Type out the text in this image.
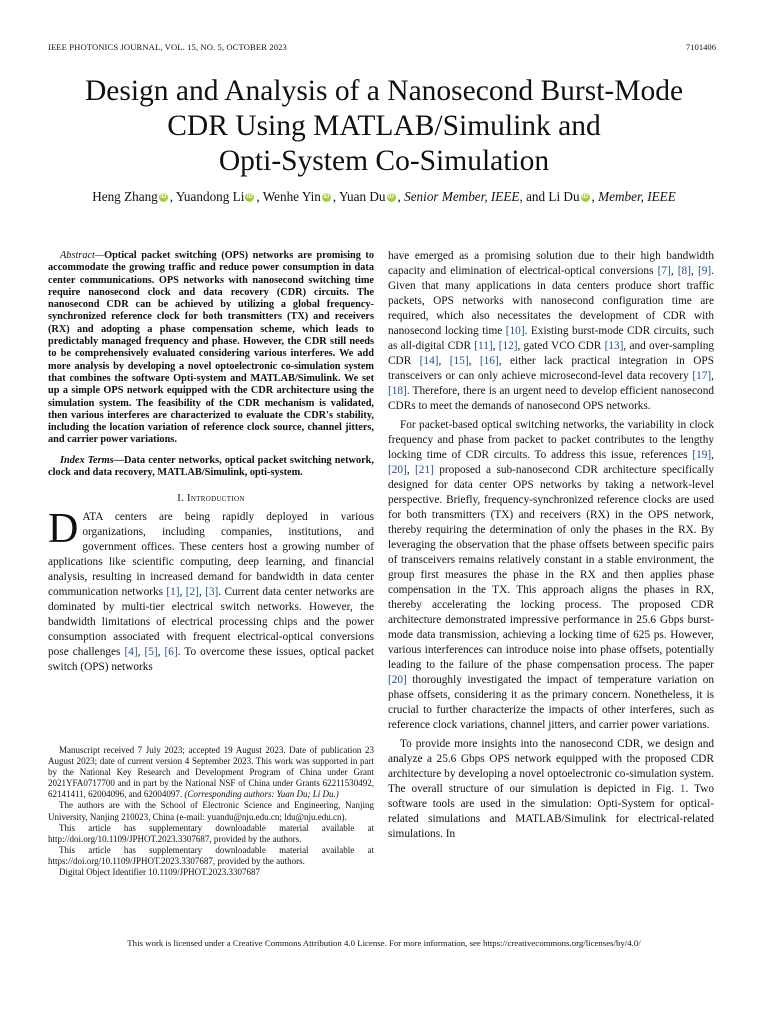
IEEE PHOTONICS JOURNAL, VOL. 15, NO. 5, OCTOBER 2023	7101406
Design and Analysis of a Nanosecond Burst-Mode
CDR Using MATLAB/Simulink and
Opti-System Co-Simulation
Heng Zhang iD , Yuandong Li iD , Wenhe Yin iD , Yuan Du iD , Senior Member, IEEE, and Li Du iD , Member, IEEE

Abstract—Optical packet switching (OPS) networks are promising to accommodate the growing traffic and reduce power consumption in data center communications. OPS networks with nanosecond switching time require nanosecond clock and data recovery (CDR) circuits. The nanosecond CDR can be achieved by utilizing a global frequency-synchronized reference clock for both transmitters (TX) and receivers (RX) and adopting a phase compensation scheme, which leads to predictably managed frequency and phase. However, the CDR still needs to be comprehensively evaluated considering various interferes. We add more analysis by developing a novel optoelectronic co-simulation system that combines the software Opti-system and MATLAB/Simulink. We set up a simple OPS network equipped with the CDR architecture using the simulation system. The feasibility of the CDR mechanism is validated, then various interferes are characterized to evaluate the CDR's stability, including the location variation of reference clock source, channel jitters, and carrier power variations.

Index Terms—Data center networks, optical packet switching network, clock and data recovery, MATLAB/Simulink, opti-system.

I. Introduction

DATA centers are being rapidly deployed in various organizations, including companies, institutions, and government offices. These centers host a growing number of applications like scientific computing, deep learning, and financial analysis, resulting in increased demand for bandwidth in data center communication networks [1], [2], [3]. Current data center networks are dominated by multi-tier electrical switch networks. However, the bandwidth limitations of electrical processing chips and the power consumption associated with frequent electrical-optical conversions pose challenges [4], [5], [6]. To overcome these issues, optical packet switch (OPS) networks

Manuscript received 7 July 2023; accepted 19 August 2023. Date of publication 23 August 2023; date of current version 4 September 2023. This work was supported in part by the National Key Research and Development Program of China under Grant 2021YFA0717700 and in part by the National NSF of China under Grants 62211530492, 62141411, 62004096, and 62004097. (Corresponding authors: Yuan Du; Li Du.)

The authors are with the School of Electronic Science and Engineering, Nanjing University, Nanjing 210023, China (e-mail: yuandu@nju.edu.cn; ldu@nju.edu.cn).

This article has supplementary downloadable material available at http://doi.org/10.1109/JPHOT.2023.3307687, provided by the authors.

This article has supplementary downloadable material available at https://doi.org/10.1109/JPHOT.2023.3307687, provided by the authors.

Digital Object Identifier 10.1109/JPHOT.2023.3307687

have emerged as a promising solution due to their high bandwidth capacity and elimination of electrical-optical conversions [7], [8], [9]. Given that many applications in data centers produce short traffic packets, OPS networks with nanosecond configuration time are required, which also necessitates the development of CDR with nanosecond locking time [10]. Existing burst-mode CDR circuits, such as all-digital CDR [11], [12], gated VCO CDR [13], and over-sampling CDR [14], [15], [16], either lack practical integration in OPS transceivers or can only achieve microsecond-level data recovery [17], [18]. Therefore, there is an urgent need to develop efficient nanosecond CDRs to meet the demands of nanosecond OPS networks.

For packet-based optical switching networks, the variability in clock frequency and phase from packet to packet contributes to the lengthy locking time of CDR circuits. To address this issue, references [19], [20], [21] proposed a sub-nanosecond CDR architecture specifically designed for data center OPS networks by taking a network-level perspective. Briefly, frequency-synchronized reference clocks are used for both transmitters (TX) and receivers (RX) in the OPS network, thereby requiring the determination of only the phases in the RX. By leveraging the observation that the phase offsets between specific pairs of transceivers remains relatively constant in a stable environment, the group first measures the phase in the RX and then applies phase compensation in the TX. This approach aligns the phases in RX, thereby accelerating the locking process. The proposed CDR architecture demonstrated impressive performance in 25.6 Gbps burst-mode data transmission, achieving a locking time of 625 ps. However, various interferences can introduce noise into phase offsets, potentially leading to the failure of the phase compensation process. The paper [20] thoroughly investigated the impact of temperature variation on phase offsets, considering it as the primary concern. Nonetheless, it is crucial to further characterize the impacts of other interferes, such as reference clock variations, channel jitters, and carrier power variations.

To provide more insights into the nanosecond CDR, we design and analyze a 25.6 Gbps OPS network equipped with the proposed CDR architecture by developing a novel optoelectronic co-simulation system. The overall structure of our simulation is depicted in Fig. 1. Two software tools are used in the simulation: Opti-System for optical-related simulations and MATLAB/Simulink for electrical-related simulations. In

This work is licensed under a Creative Commons Attribution 4.0 License. For more information, see https://creativecommons.org/licenses/by/4.0/
